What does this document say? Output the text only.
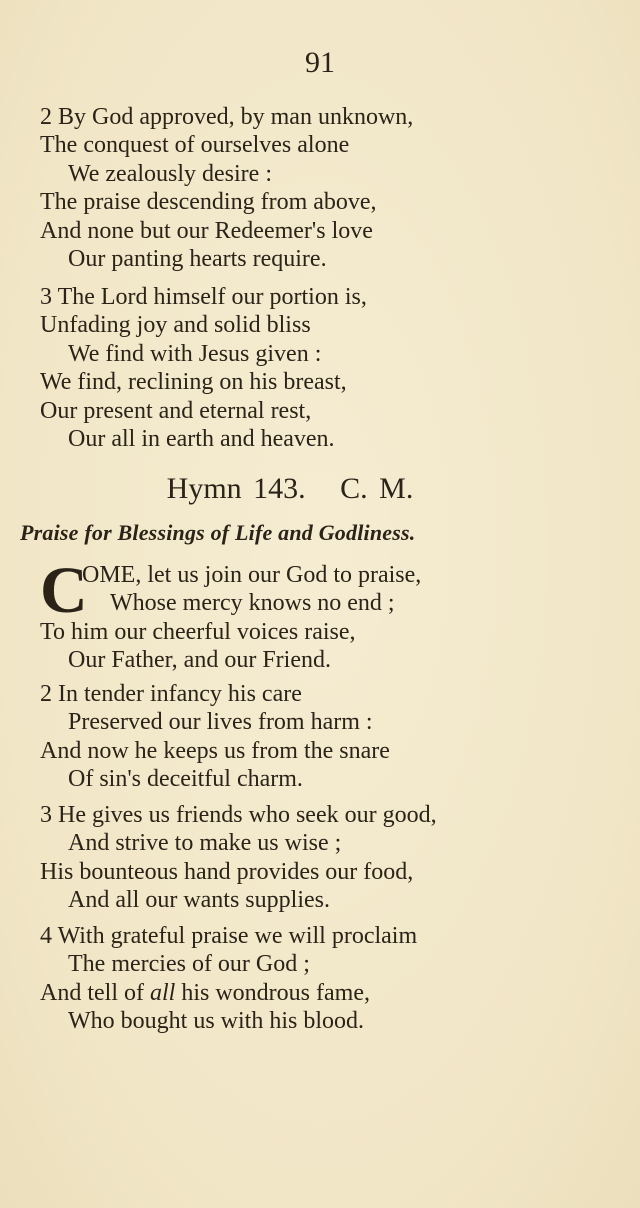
91
2 By God approved, by man unknown,
The conquest of ourselves alone
We zealously desire :
The praise descending from above,
And none but our Redeemer's love
Our panting hearts require.
3 The Lord himself our portion is,
Unfading joy and solid bliss
We find with Jesus given :
We find, reclining on his breast,
Our present and eternal rest,
Our all in earth and heaven.
Hymn 143.   C. M.
Praise for Blessings of Life and Godliness.
C
OME, let us join our God to praise,
Whose mercy knows no end ;
To him our cheerful voices raise,
Our Father, and our Friend.
2 In tender infancy his care
Preserved our lives from harm :
And now he keeps us from the snare
Of sin's deceitful charm.
3 He gives us friends who seek our good,
And strive to make us wise ;
His bounteous hand provides our food,
And all our wants supplies.
4 With grateful praise we will proclaim
The mercies of our God ;
And tell of all his wondrous fame,
Who bought us with his blood.
